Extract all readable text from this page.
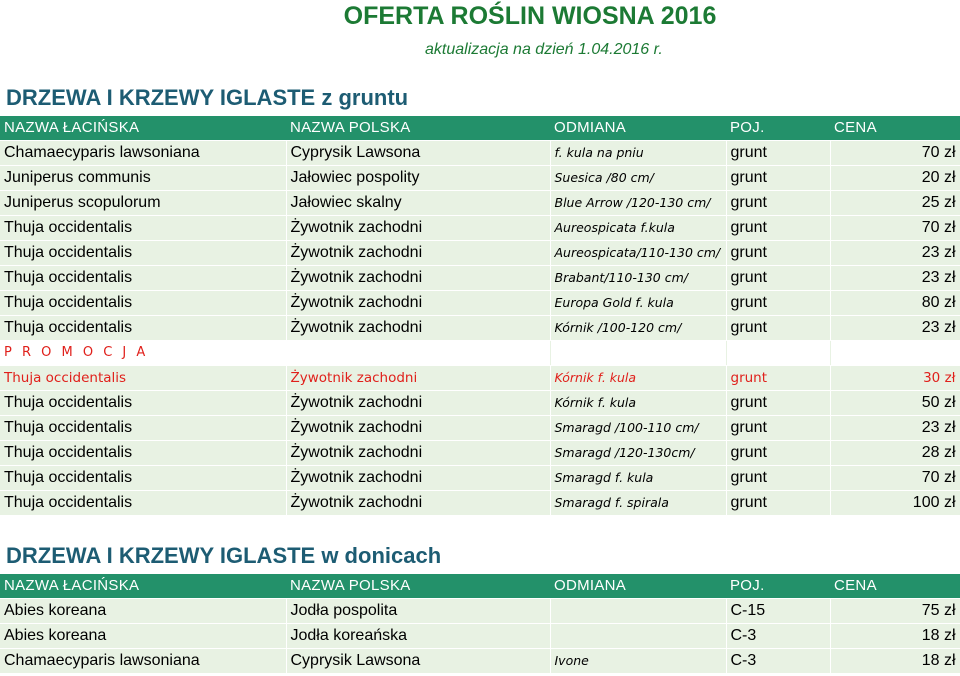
OFERTA ROŚLIN WIOSNA 2016
aktualizacja na dzień 1.04.2016 r.
DRZEWA I KRZEWY IGLASTE z gruntu
NAZWA ŁACIŃSKA	NAZWA POLSKA	ODMIANA	POJ.	CENA
Chamaecyparis lawsoniana	Cyprysik Lawsona	f. kula na pniu	grunt	70 zł
Juniperus communis	Jałowiec pospolity	Suesica /80 cm/	grunt	20 zł
Juniperus scopulorum	Jałowiec skalny	Blue Arrow /120-130 cm/	grunt	25 zł
Thuja occidentalis	Żywotnik zachodni	Aureospicata f.kula	grunt	70 zł
Thuja occidentalis	Żywotnik zachodni	Aureospicata/110-130 cm/	grunt	23 zł
Thuja occidentalis	Żywotnik zachodni	Brabant/110-130 cm/	grunt	23 zł
Thuja occidentalis	Żywotnik zachodni	Europa Gold f. kula	grunt	80 zł
Thuja occidentalis	Żywotnik zachodni	Kórnik /100-120 cm/	grunt	23 zł
P R O M O C J A				
Thuja occidentalis	Żywotnik zachodni	Kórnik f. kula	grunt	30 zł
Thuja occidentalis	Żywotnik zachodni	Kórnik f. kula	grunt	50 zł
Thuja occidentalis	Żywotnik zachodni	Smaragd /100-110 cm/	grunt	23 zł
Thuja occidentalis	Żywotnik zachodni	Smaragd /120-130cm/	grunt	28 zł
Thuja occidentalis	Żywotnik zachodni	Smaragd f. kula	grunt	70 zł
Thuja occidentalis	Żywotnik zachodni	Smaragd f. spirala	grunt	100 zł
DRZEWA I KRZEWY IGLASTE w donicach
NAZWA ŁACIŃSKA	NAZWA POLSKA	ODMIANA	POJ.	CENA
Abies koreana	Jodła pospolita		C-15	75 zł
Abies koreana	Jodła koreańska		C-3	18 zł
Chamaecyparis lawsoniana	Cyprysik Lawsona	Ivone	C-3	18 zł
